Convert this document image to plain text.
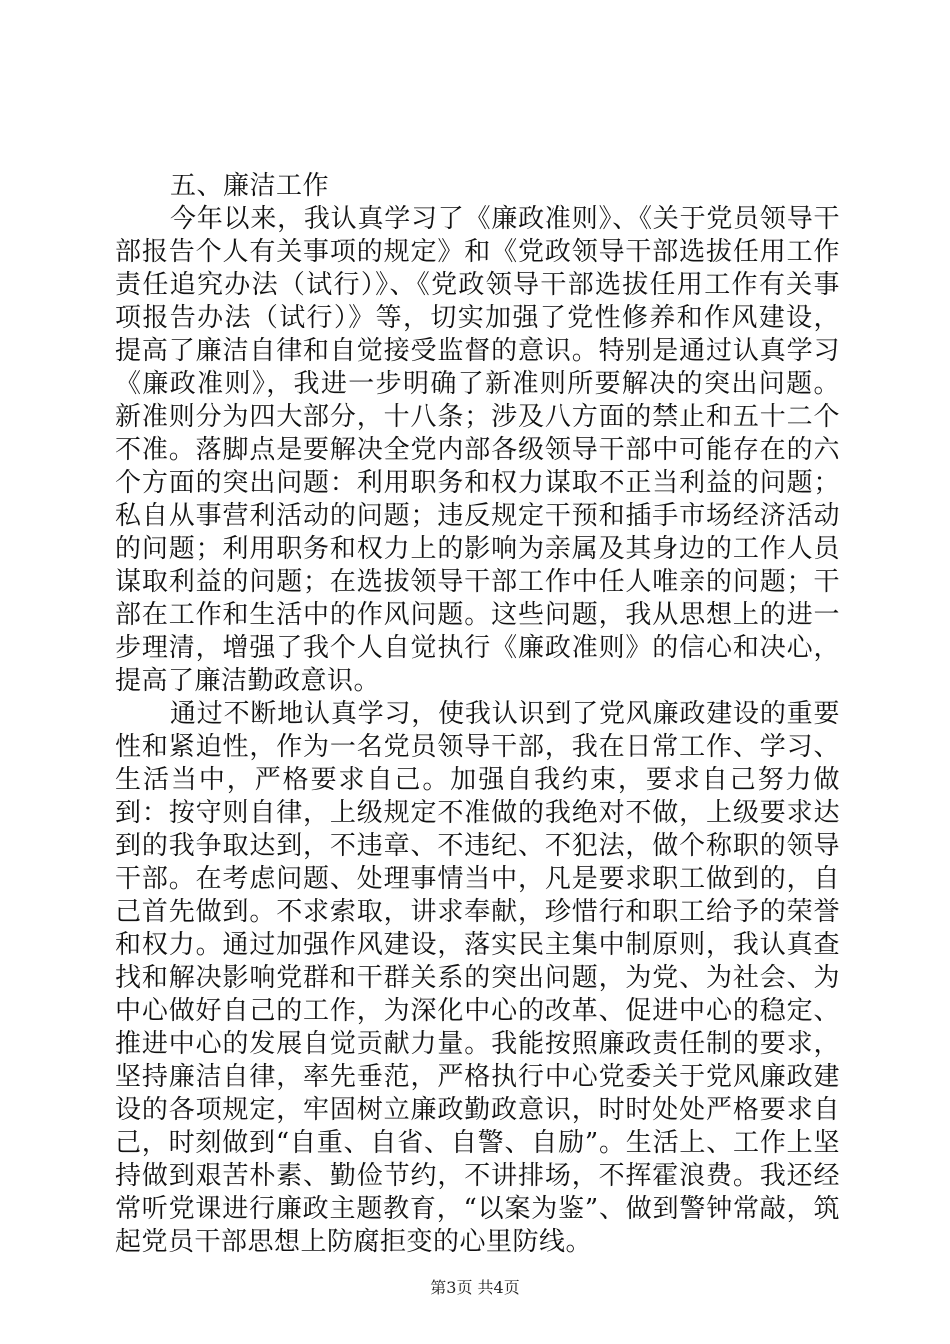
五、廉洁工作

今年以来，我认真学习了《廉政准则》、《关于党员领导干部报告个人有关事项的规定》和《党政领导干部选拔任用工作责任追究办法（试行）》、《党政领导干部选拔任用工作有关事项报告办法（试行）》等，切实加强了党性修养和作风建设，提高了廉洁自律和自觉接受监督的意识。特别是通过认真学习《廉政准则》，我进一步明确了新准则所要解决的突出问题。新准则分为四大部分，十八条；涉及八方面的禁止和五十二个不准。落脚点是要解决全党内部各级领导干部中可能存在的六个方面的突出问题：利用职务和权力谋取不正当利益的问题；私自从事营利活动的问题；违反规定干预和插手市场经济活动的问题；利用职务和权力上的影响为亲属及其身边的工作人员谋取利益的问题；在选拔领导干部工作中任人唯亲的问题；干部在工作和生活中的作风问题。这些问题，我从思想上的进一步理清，增强了我个人自觉执行《廉政准则》的信心和决心，提高了廉洁勤政意识。

通过不断地认真学习，使我认识到了党风廉政建设的重要性和紧迫性，作为一名党员领导干部，我在日常工作、学习、生活当中，严格要求自己。加强自我约束，要求自己努力做到：按守则自律，上级规定不准做的我绝对不做，上级要求达到的我争取达到，不违章、不违纪、不犯法，做个称职的领导干部。在考虑问题、处理事情当中，凡是要求职工做到的，自己首先做到。不求索取，讲求奉献，珍惜行和职工给予的荣誉和权力。通过加强作风建设，落实民主集中制原则，我认真查找和解决影响党群和干群关系的突出问题，为党、为社会、为中心做好自己的工作，为深化中心的改革、促进中心的稳定、推进中心的发展自觉贡献力量。我能按照廉政责任制的要求，坚持廉洁自律，率先垂范，严格执行中心党委关于党风廉政建设的各项规定，牢固树立廉政勤政意识，时时处处严格要求自己，时刻做到“自重、自省、自警、自励”。生活上、工作上坚持做到艰苦朴素、勤俭节约，不讲排场，不挥霍浪费。我还经常听党课进行廉政主题教育，“以案为鉴”、做到警钟常敲，筑起党员干部思想上防腐拒变的心里防线。

第3页 共4页
